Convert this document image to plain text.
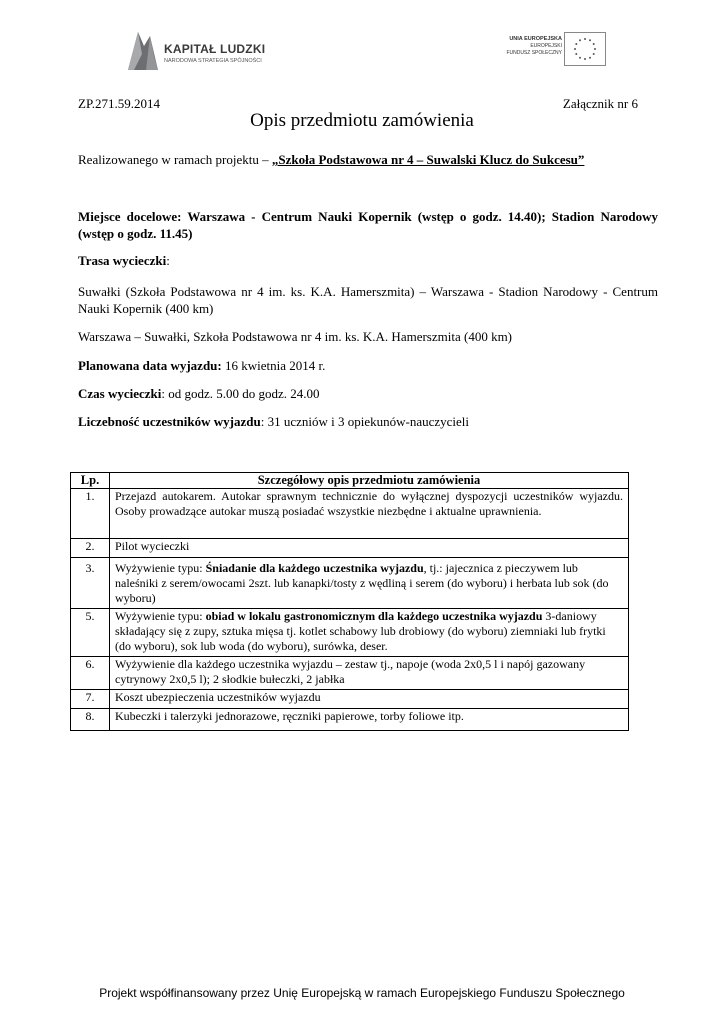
KAPITAŁ LUDZKI
NARODOWA STRATEGIA SPÓJNOŚCI
UNIA EUROPEJSKA
EUROPEJSKI
FUNDUSZ SPOŁECZNY
ZP.271.59.2014	Załącznik nr 6
Opis przedmiotu zamówienia
Realizowanego w ramach projektu – „Szkoła Podstawowa nr 4 – Suwalski Klucz do Sukcesu”
Miejsce docelowe: Warszawa - Centrum Nauki Kopernik (wstęp o godz. 14.40); Stadion Narodowy (wstęp o godz. 11.45)
Trasa wycieczki:
Suwałki (Szkoła Podstawowa nr 4 im. ks. K.A. Hamerszmita) – Warszawa - Stadion Narodowy - Centrum Nauki Kopernik (400 km)
Warszawa – Suwałki, Szkoła Podstawowa nr 4 im. ks. K.A. Hamerszmita (400 km)
Planowana data wyjazdu: 16 kwietnia 2014 r.
Czas wycieczki: od godz. 5.00 do godz. 24.00
Liczebność uczestników wyjazdu: 31 uczniów i 3 opiekunów-nauczycieli
Lp.	Szczegółowy opis przedmiotu zamówienia
1.	Przejazd autokarem. Autokar sprawnym technicznie do wyłącznej dyspozycji uczestników wyjazdu. Osoby prowadzące autokar muszą posiadać wszystkie niezbędne i aktualne uprawnienia.
2.	Pilot wycieczki
3.	Wyżywienie typu: Śniadanie dla każdego uczestnika wyjazdu, tj.: jajecznica z pieczywem lub naleśniki z serem/owocami 2szt. lub kanapki/tosty z wędliną i serem (do wyboru) i herbata lub sok (do wyboru)
5.	Wyżywienie typu: obiad w lokalu gastronomicznym dla każdego uczestnika wyjazdu 3-daniowy składający się z zupy, sztuka mięsa tj. kotlet schabowy lub drobiowy (do wyboru) ziemniaki lub frytki (do wyboru), sok lub woda (do wyboru), surówka, deser.
6.	Wyżywienie dla każdego uczestnika wyjazdu – zestaw tj., napoje (woda 2x0,5 l i napój gazowany cytrynowy 2x0,5 l); 2 słodkie bułeczki, 2 jabłka
7.	Koszt ubezpieczenia uczestników wyjazdu
8.	Kubeczki i talerzyki jednorazowe, ręczniki papierowe, torby foliowe itp.
Projekt współfinansowany przez Unię Europejską w ramach Europejskiego Funduszu Społecznego
